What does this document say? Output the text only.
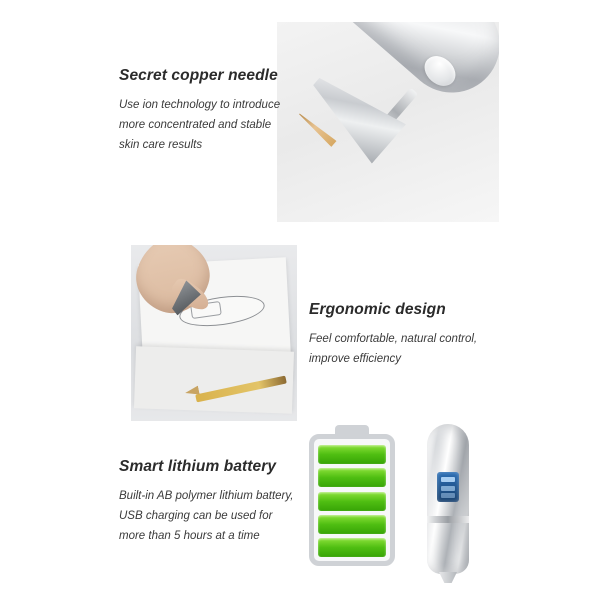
Secret copper needle

Use ion technology to introduce

more concentrated and stable

skin care results

Ergonomic design

Feel comfortable, natural control,

improve efficiency

Smart lithium battery

Built-in AB polymer lithium battery,

USB charging can be used for

more than 5 hours at a time
